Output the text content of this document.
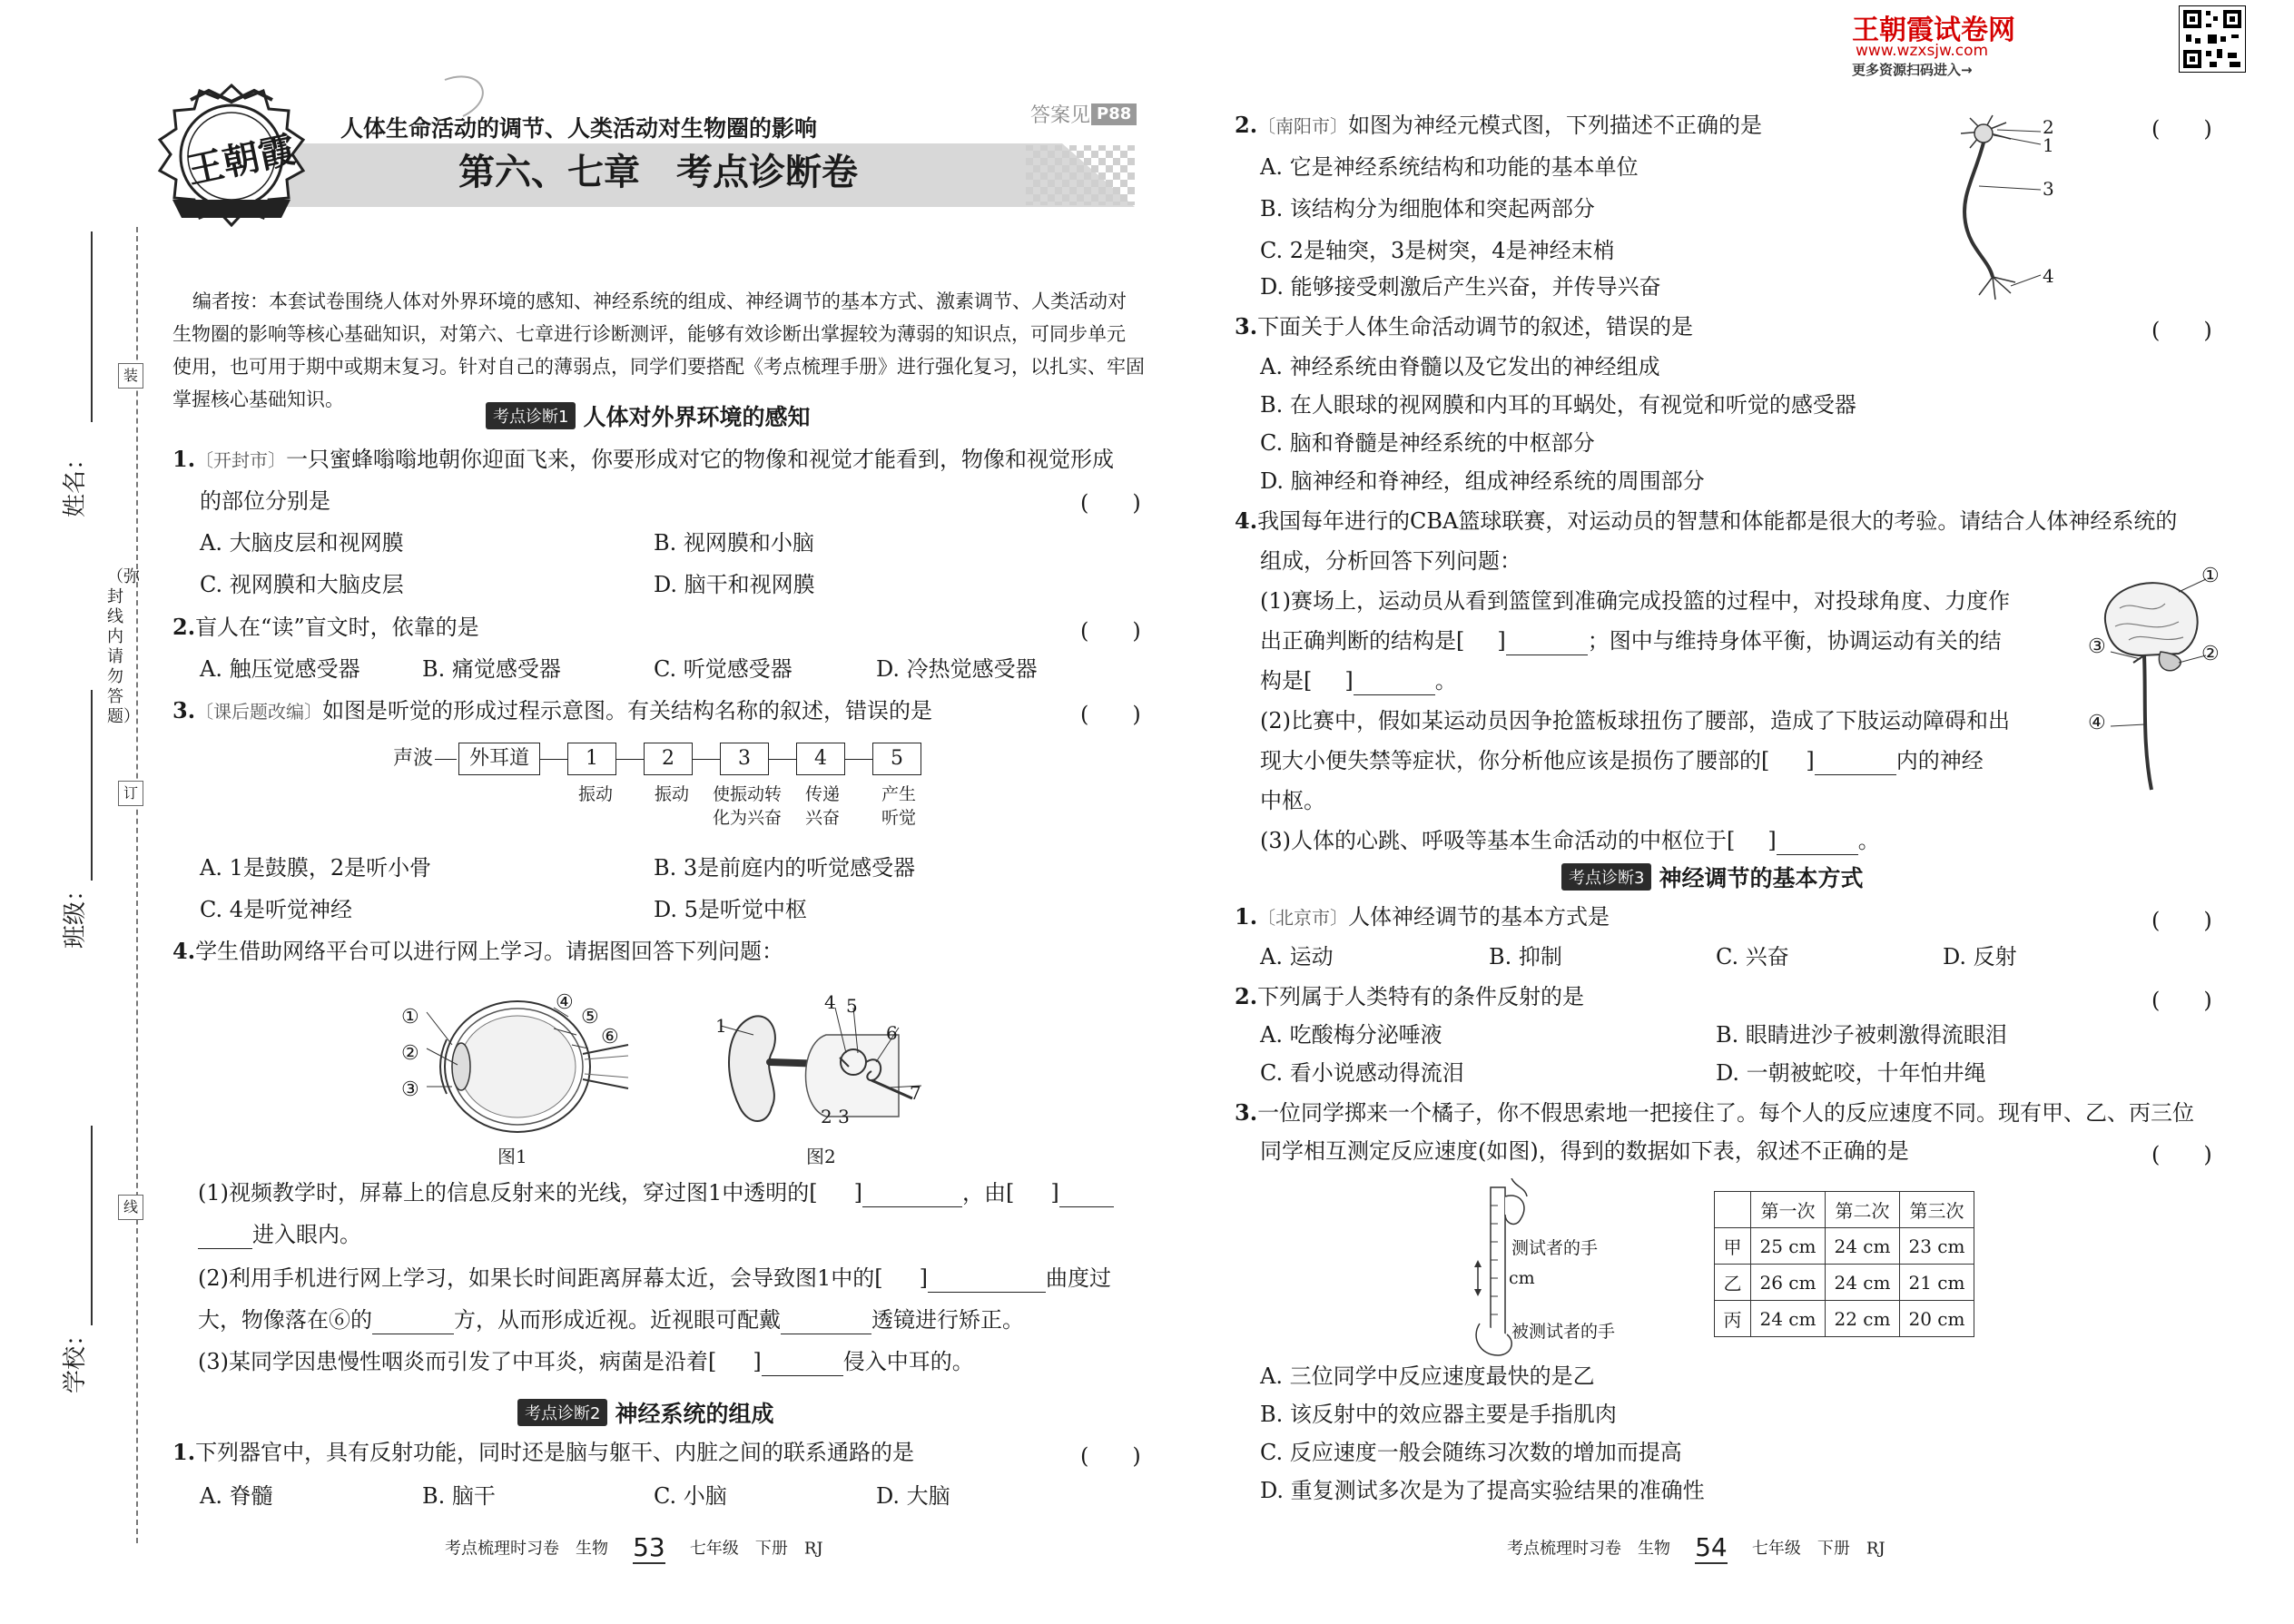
王朝霞试卷网
www.wzxsjw.com
更多资源扫码进入→
姓名：
班级：
学校：
（弥封线内请勿答题）
装
订
线
王朝霞 人体生命活动的调节、人类活动对生物圈的影响	答案见 P88
第六、七章　考点诊断卷
编者按：本套试卷围绕人体对外界环境的感知、神经系统的组成、神经调节的基本方式、激素调节、人类活动对
生物圈的影响等核心基础知识，对第六、七章进行诊断测评，能够有效诊断出掌握较为薄弱的知识点，可同步单元
使用，也可用于期中或期末复习。针对自己的薄弱点，同学们要搭配《考点梳理手册》进行强化复习，以扎实、牢固
掌握核心基础知识。
考点诊断1 人体对外界环境的感知
1.〔开封市〕一只蜜蜂嗡嗡地朝你迎面飞来，你要形成对它的物像和视觉才能看到，物像和视觉形成
的部位分别是	(　　)
A. 大脑皮层和视网膜	B. 视网膜和小脑
C. 视网膜和大脑皮层	D. 脑干和视网膜
2.盲人在“读”盲文时，依靠的是	(　　)
A. 触压觉感受器	B. 痛觉感受器	C. 听觉感受器	D. 冷热觉感受器
3.〔课后题改编〕如图是听觉的形成过程示意图。有关结构名称的叙述，错误的是	(　　)
声波	外耳道	1	2	3	4	5
振动 振动 使振动转
化为兴奋
传递
兴奋
产生
听觉
A. 1是鼓膜，2是听小骨	B. 3是前庭内的听觉感受器
C. 4是听觉神经	D. 5是听觉中枢
4.学生借助网络平台可以进行网上学习。请据图回答下列问题：
①
②
③
④
⑤
⑥
图1
1
2 3
4 5
6
7
图2
(1)视频教学时，屏幕上的信息反射来的光线，穿过图1中透明的[ ]	，由[ ]
进入眼内。
(2)利用手机进行网上学习，如果长时间距离屏幕太近，会导致图1中的[ ]	曲度过
大，物像落在⑥的	方，从而形成近视。近视眼可配戴	透镜进行矫正。
(3)某同学因患慢性咽炎而引发了中耳炎，病菌是沿着[ ]	侵入中耳的。
考点诊断2 神经系统的组成
1.下列器官中，具有反射功能，同时还是脑与躯干、内脏之间的联系通路的是	(　　)
A. 脊髓	B. 脑干	C. 小脑	D. 大脑
考点梳理时习卷　生物 53 七年级　下册　RJ
2.〔南阳市〕如图为神经元模式图，下列描述不正确的是	(　　)
A. 它是神经系统结构和功能的基本单位
B. 该结构分为细胞体和突起两部分
C. 2是轴突，3是树突，4是神经末梢
D. 能够接受刺激后产生兴奋，并传导兴奋
2
1
3
4
3.下面关于人体生命活动调节的叙述，错误的是	(　　)
A. 神经系统由脊髓以及它发出的神经组成
B. 在人眼球的视网膜和内耳的耳蜗处，有视觉和听觉的感受器
C. 脑和脊髓是神经系统的中枢部分
D. 脑神经和脊神经，组成神经系统的周围部分
4.我国每年进行的CBA篮球联赛，对运动员的智慧和体能都是很大的考验。请结合人体神经系统的
组成，分析回答下列问题：
(1)赛场上，运动员从看到篮筐到准确完成投篮的过程中，对投球角度、力度作
出正确判断的结构是[ ]	；图中与维持身体平衡，协调运动有关的结
构是[ ]	。
(2)比赛中，假如某运动员因争抢篮板球扭伤了腰部，造成了下肢运动障碍和出
现大小便失禁等症状，你分析他应该是损伤了腰部的[ ]	内的神经
中枢。
(3)人体的心跳、呼吸等基本生命活动的中枢位于[ ]	。
①
②
③
④
考点诊断3 神经调节的基本方式
1.〔北京市〕人体神经调节的基本方式是	(　　)
A. 运动	B. 抑制	C. 兴奋	D. 反射
2.下列属于人类特有的条件反射的是	(　　)
A. 吃酸梅分泌唾液	B. 眼睛进沙子被刺激得流眼泪
C. 看小说感动得流泪	D. 一朝被蛇咬，十年怕井绳
3.一位同学掷来一个橘子，你不假思索地一把接住了。每个人的反应速度不同。现有甲、乙、丙三位
同学相互测定反应速度(如图)，得到的数据如下表，叙述不正确的是	(　　)
测试者的手
cm
被测试者的手
	第一次	第二次	第三次
甲	25 cm	24 cm	23 cm
乙	26 cm	24 cm	21 cm
丙	24 cm	22 cm	20 cm
A. 三位同学中反应速度最快的是乙
B. 该反射中的效应器主要是手指肌肉
C. 反应速度一般会随练习次数的增加而提高
D. 重复测试多次是为了提高实验结果的准确性
考点梳理时习卷　生物 54 七年级　下册　RJ
